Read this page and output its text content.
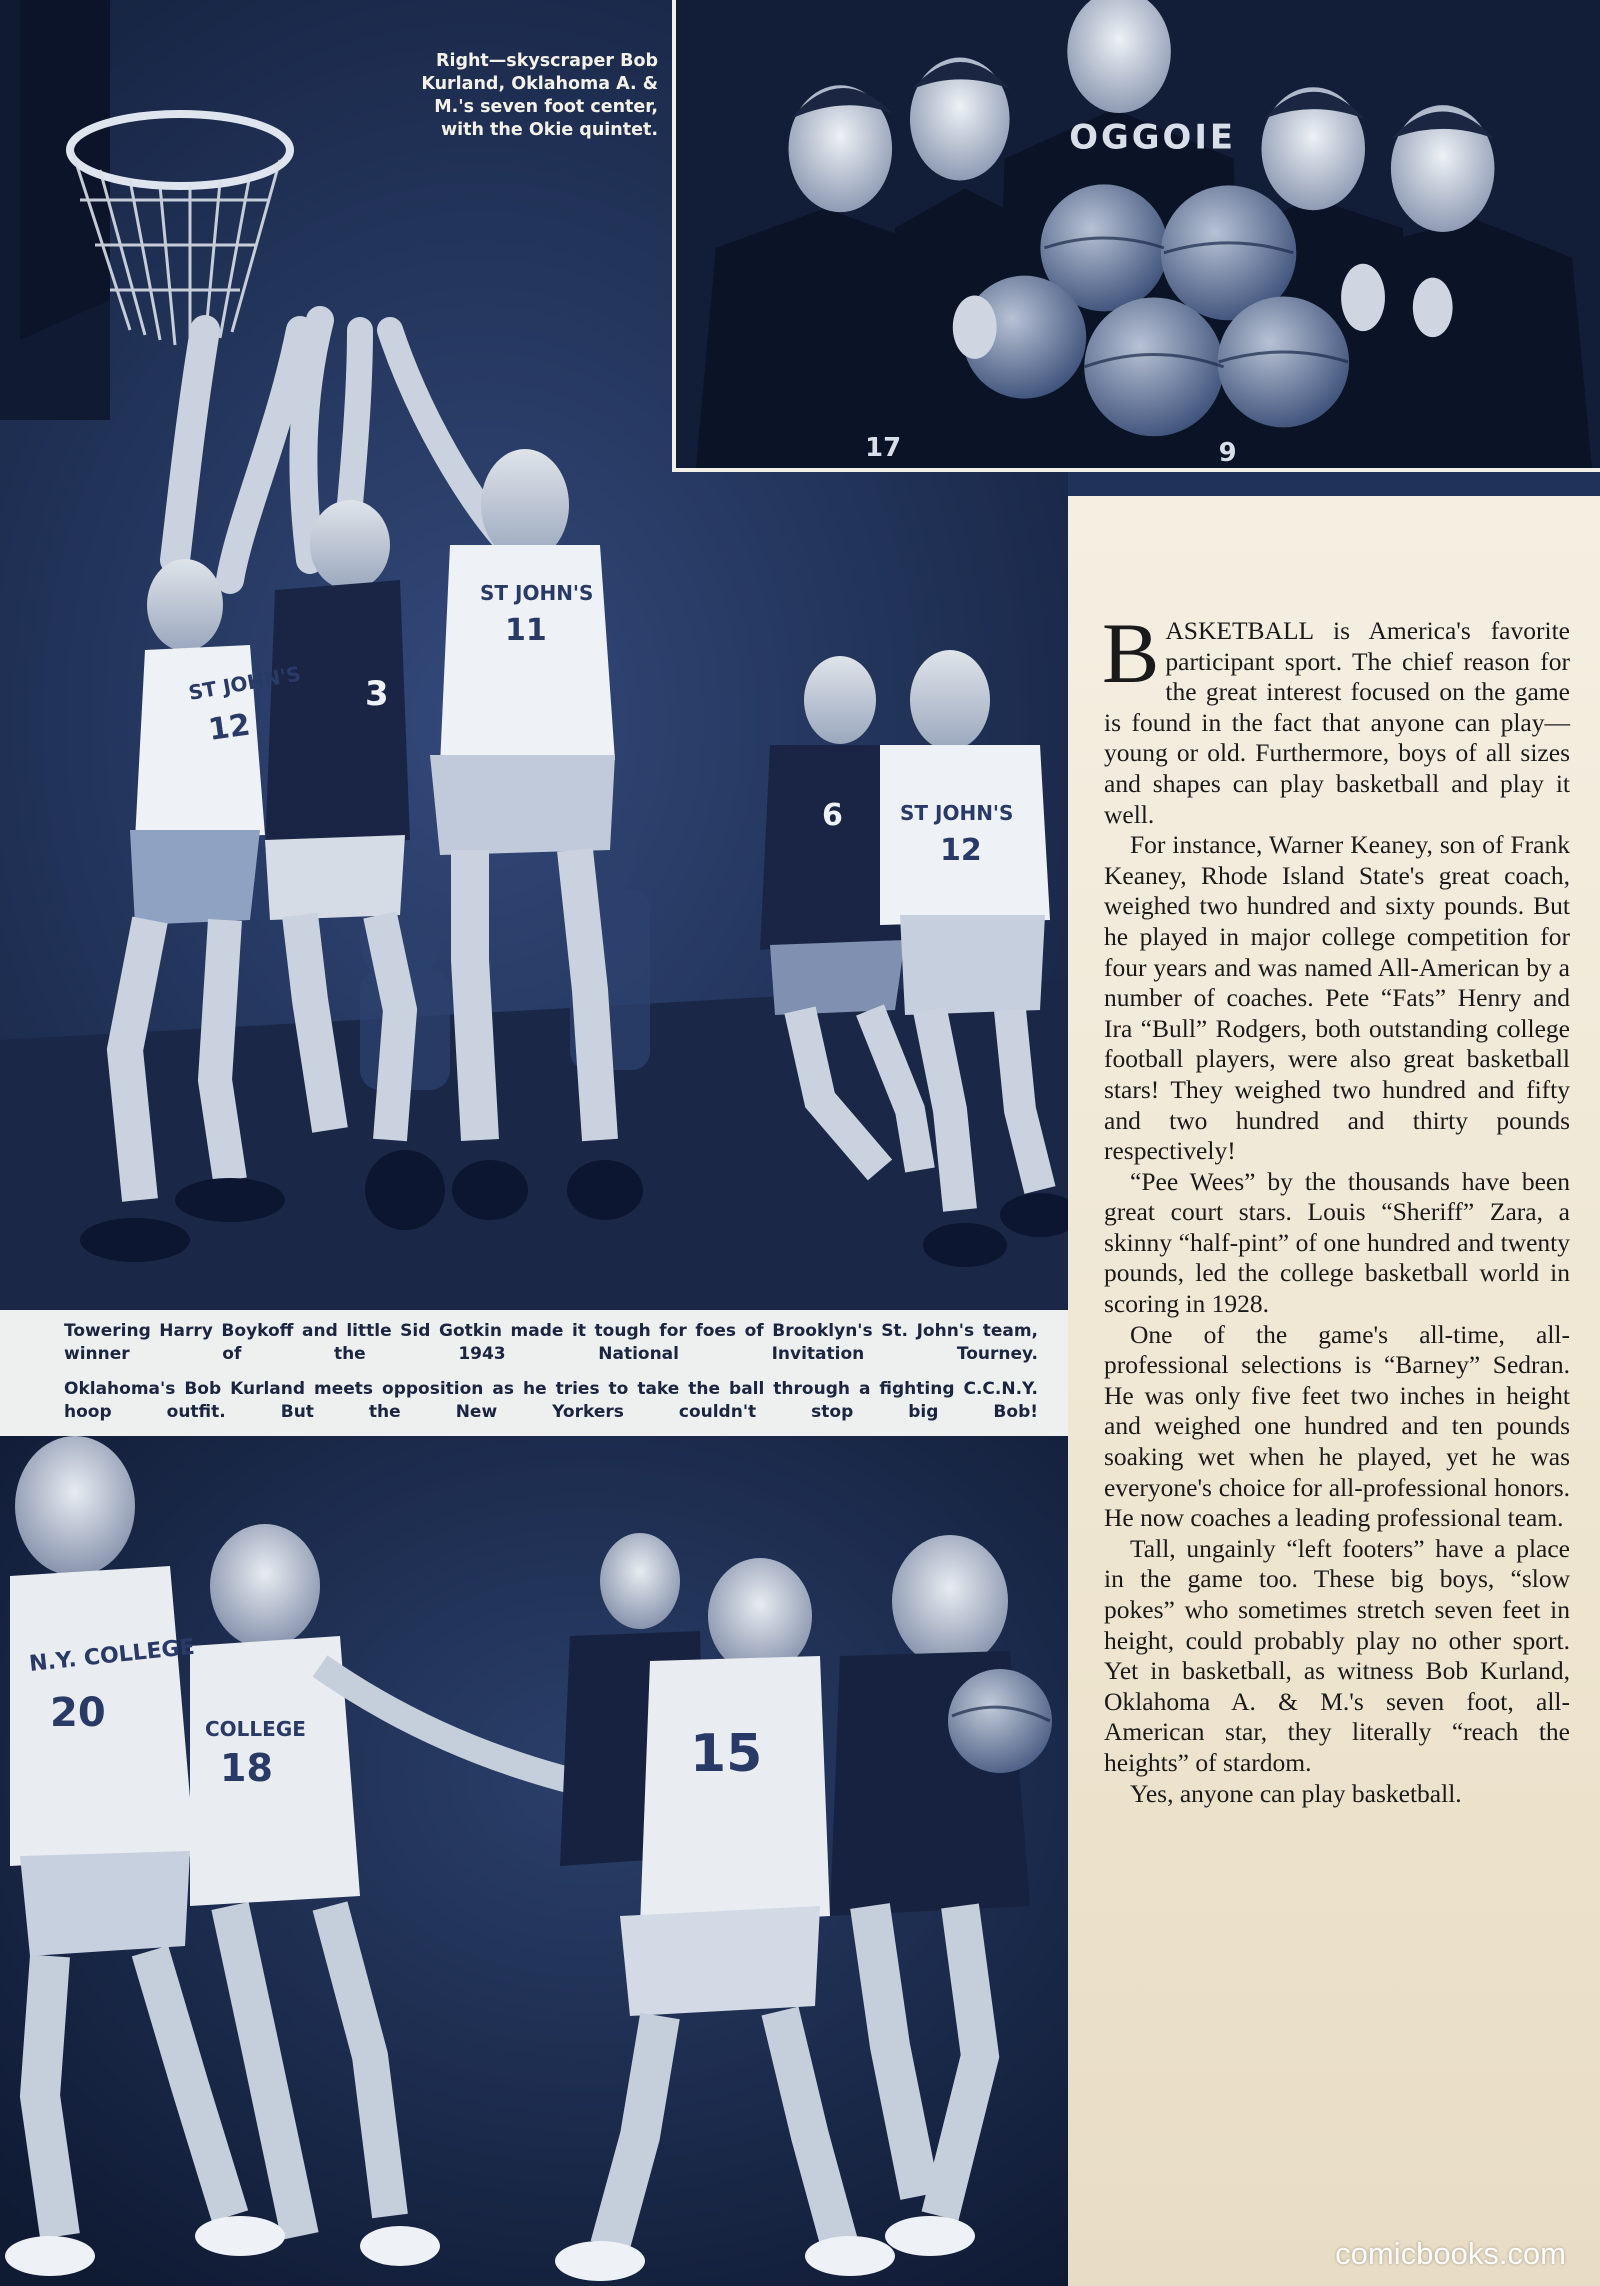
12
3
11
6
12
ST JOHN'S
ST JOHN'S
ST JOHN'S
OGGOIE
17	9
Right—skyscraper Bob Kurland, Oklahoma A. & M.'s seven foot center, with the Okie quintet.

Towering Harry Boykoff and little Sid Gotkin made it tough for foes of Brooklyn's St. John's team, winner of the 1943 National Invitation Tourney.

Oklahoma's Bob Kurland meets opposition as he tries to take the ball through a fighting C.C.N.Y. hoop outfit. But the New Yorkers couldn't stop big Bob!

N.Y. COLLEGE
20	COLLEGE
18	15

BASKETBALL is America's favorite participant sport. The chief reason for the great interest focused on the game is found in the fact that anyone can play—young or old. Furthermore, boys of all sizes and shapes can play basketball and play it well.

For instance, Warner Keaney, son of Frank Keaney, Rhode Island State's great coach, weighed two hundred and sixty pounds. But he played in major college competition for four years and was named All-American by a number of coaches. Pete “Fats” Henry and Ira “Bull” Rodgers, both outstanding college football players, were also great basketball stars! They weighed two hundred and fifty and two hundred and thirty pounds respectively!

“Pee Wees” by the thousands have been great court stars. Louis “Sheriff” Zara, a skinny “half-pint” of one hundred and twenty pounds, led the college basketball world in scoring in 1928.

One of the game's all-time, all-professional selections is “Barney” Sedran. He was only five feet two inches in height and weighed one hundred and ten pounds soaking wet when he played, yet he was everyone's choice for all-professional honors. He now coaches a leading professional team.

Tall, ungainly “left footers” have a place in the game too. These big boys, “slow pokes” who sometimes stretch seven feet in height, could probably play no other sport. Yet in basketball, as witness Bob Kurland, Oklahoma A. & M.'s seven foot, all-American star, they literally “reach the heights” of stardom.

Yes, anyone can play basketball.

comicbooks.com
